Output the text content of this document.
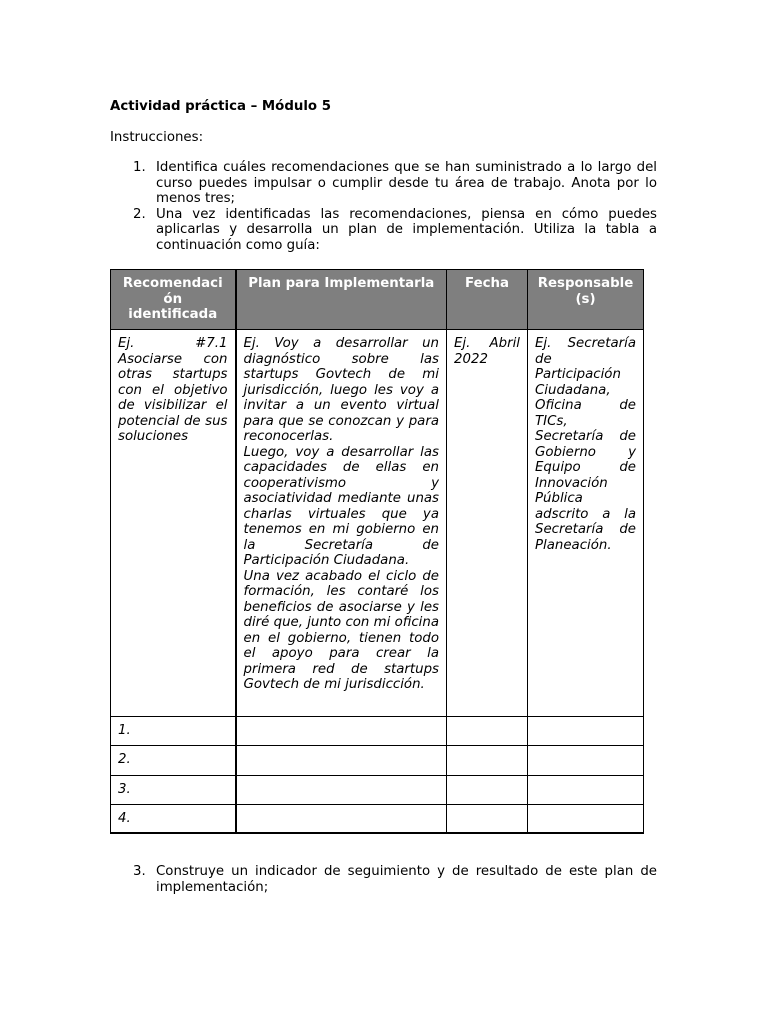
Actividad práctica – Módulo 5
Instrucciones:
1. Identifica cuáles recomendaciones que se han suministrado a lo largo del curso puedes impulsar o cumplir desde tu área de trabajo. Anota por lo menos tres;
2. Una vez identificadas las recomendaciones, piensa en cómo puedes aplicarlas y desarrolla un plan de implementación. Utiliza la tabla a continuación como guía:
Recomendación identificada	Plan para Implementarla	Fecha	Responsable (s)
Ej. #7.1 Asociarse con otras startups con el objetivo de visibilizar el potencial de sus soluciones	Ej. Voy a desarrollar un diagnóstico sobre las startups Govtech de mi jurisdicción, luego les voy a invitar a un evento virtual para que se conozcan y para reconocerlas.

Luego, voy a desarrollar las capacidades de ellas en cooperativismo y asociatividad mediante unas charlas virtuales que ya tenemos en mi gobierno en la Secretaría de Participación Ciudadana.

Una vez acabado el ciclo de formación, les contaré los beneficios de asociarse y les diré que, junto con mi oficina en el gobierno, tienen todo el apoyo para crear la primera red de startups Govtech de mi jurisdicción.	Ej. Abril 2022	Ej. Secretaría de Participación Ciudadana, Oficina de TICs, Secretaría de Gobierno y Equipo de Innovación Pública adscrito a la Secretaría de Planeación.
1.			
2.			
3.			
4.			
3. Construye un indicador de seguimiento y de resultado de este plan de implementación;
